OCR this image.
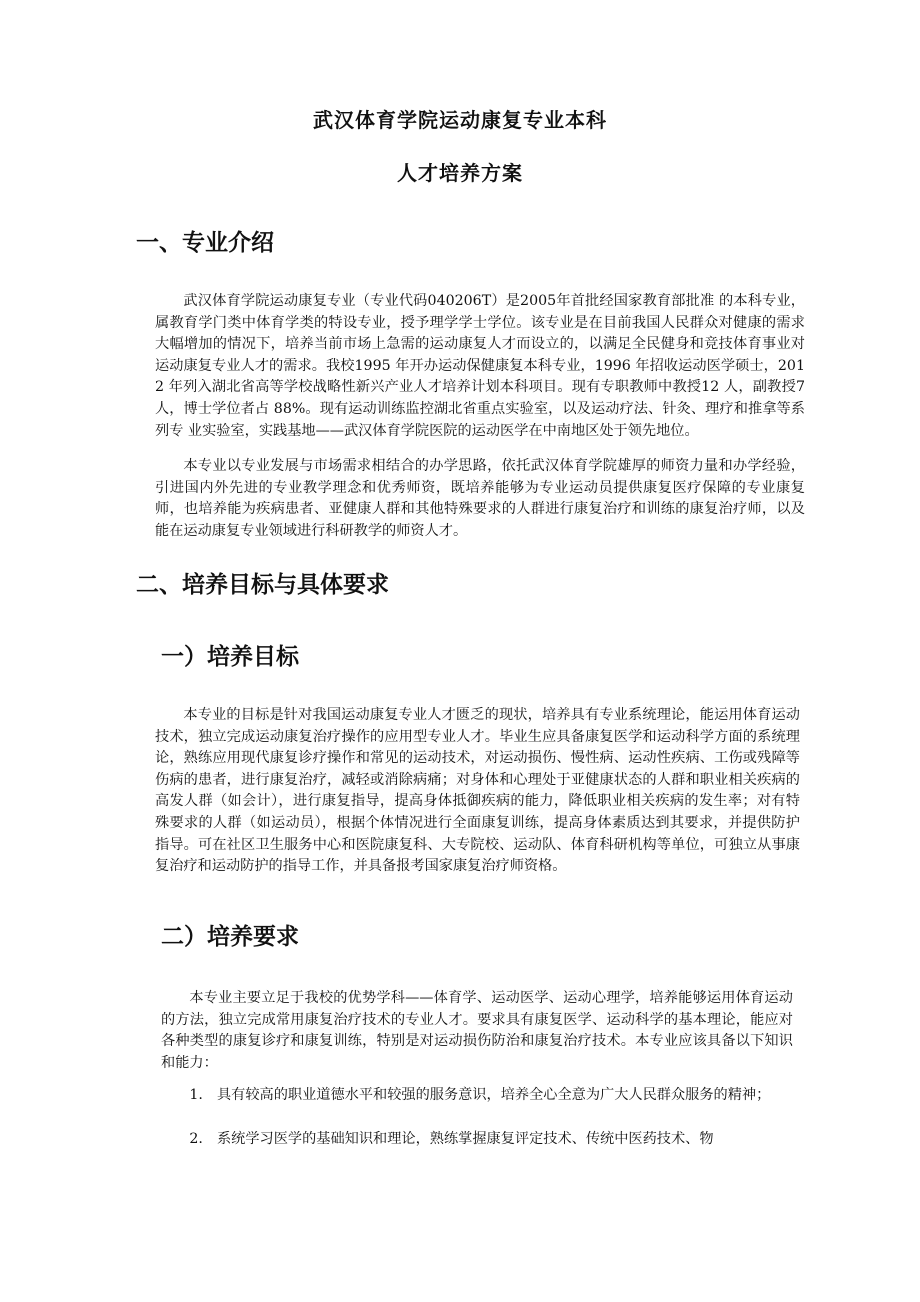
武汉体育学院运动康复专业本科
人才培养方案
一、专业介绍

武汉体育学院运动康复专业（专业代码040206T）是2005年首批经国家教育部批准 的本科专业，属教育学门类中体育学类的特设专业，授予理学学士学位。该专业是在目前我国人民群众对健康的需求大幅增加的情况下，培养当前市场上急需的运动康复人才而设立的，以满足全民健身和竞技体育事业对运动康复专业人才的需求。我校1995 年开办运动保健康复本科专业，1996 年招收运动医学硕士，2012 年列入湖北省高等学校战略性新兴产业人才培养计划本科项目。现有专职教师中教授12 人，副教授7 人，博士学位者占 88%。现有运动训练监控湖北省重点实验室，以及运动疗法、针灸、理疗和推拿等系列专 业实验室，实践基地——武汉体育学院医院的运动医学在中南地区处于领先地位。

本专业以专业发展与市场需求相结合的办学思路，依托武汉体育学院雄厚的师资力量和办学经验，引进国内外先进的专业教学理念和优秀师资，既培养能够为专业运动员提供康复医疗保障的专业康复师，也培养能为疾病患者、亚健康人群和其他特殊要求的人群进行康复治疗和训练的康复治疗师，以及能在运动康复专业领域进行科研教学的师资人才。

二、培养目标与具体要求
一）培养目标

本专业的目标是针对我国运动康复专业人才匮乏的现状，培养具有专业系统理论，能运用体育运动技术，独立完成运动康复治疗操作的应用型专业人才。毕业生应具备康复医学和运动科学方面的系统理论，熟练应用现代康复诊疗操作和常见的运动技术，对运动损伤、慢性病、运动性疾病、工伤或残障等伤病的患者，进行康复治疗，减轻或消除病痛；对身体和心理处于亚健康状态的人群和职业相关疾病的高发人群（如会计），进行康复指导，提高身体抵御疾病的能力，降低职业相关疾病的发生率；对有特殊要求的人群（如运动员），根据个体情况进行全面康复训练，提高身体素质达到其要求，并提供防护指导。可在社区卫生服务中心和医院康复科、大专院校、运动队、体育科研机构等单位，可独立从事康复治疗和运动防护的指导工作，并具备报考国家康复治疗师资格。

二）培养要求

本专业主要立足于我校的优势学科——体育学、运动医学、运动心理学，培养能够运用体育运动的方法，独立完成常用康复治疗技术的专业人才。要求具有康复医学、运动科学的基本理论，能应对各种类型的康复诊疗和康复训练，特别是对运动损伤防治和康复治疗技术。本专业应该具备以下知识和能力：

1. 具有较高的职业道德水平和较强的服务意识，培养全心全意为广大人民群众服务的精神；

2. 系统学习医学的基础知识和理论，熟练掌握康复评定技术、传统中医药技术、物
